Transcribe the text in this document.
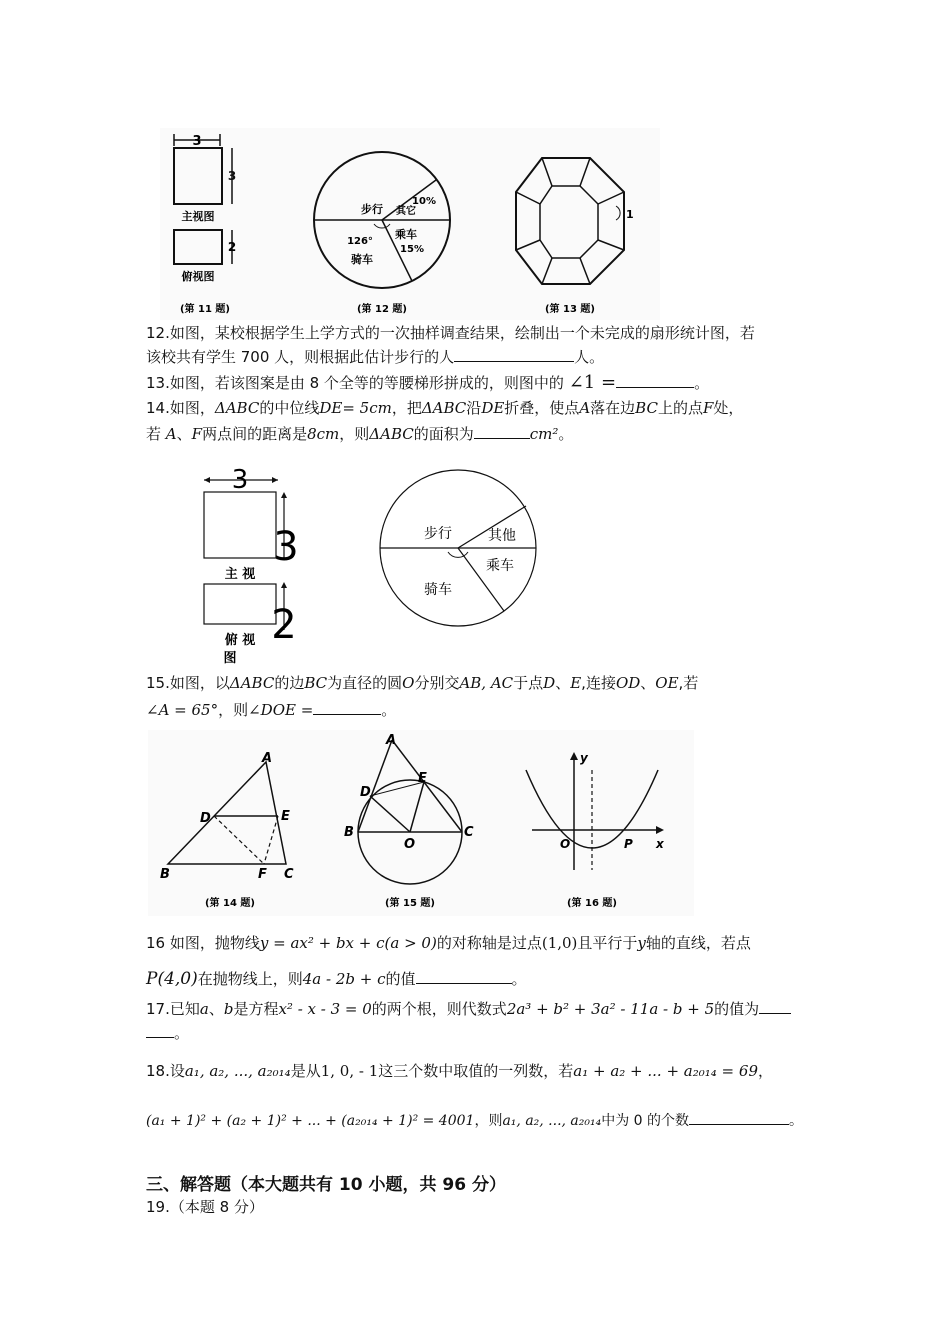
3
3
主视图
2
俯视图
(第 11 题)
步行 其它
10%
乘车
15%
126°
骑车
(第 12 题)
1
(第 13 题)
12.如图，某校根据学生上学方式的一次抽样调查结果，绘制出一个未完成的扇形统计图，若
该校共有学生 700 人，则根据此估计步行的人	人。
13.如图，若该图案是由 8 个全等的等腰梯形拼成的，则图中的 ∠1 =	。
14.如图，ΔABC的中位线DE= 5cm，把ΔABC沿DE折叠，使点A落在边BC上的点F处，
若 A、F两点间的距离是8cm，则ΔABC的面积为	cm²。
3
3
主 视
2
俯 视
图
步行	其他
乘车
骑车
15.如图，以ΔABC的边BC为直径的圆O分别交AB, AC于点D、E,连接OD、OE,若
∠A = 65°，则∠DOE =	。
A
D	E
B	F C
(第 14 题)
A
D
E
B
O
C
(第 15 题)
y
x
O	P
(第 16 题)
16 如图，抛物线y = ax² + bx + c(a > 0)的对称轴是过点(1,0)且平行于y轴的直线，若点
P(4,0)在抛物线上，则4a - 2b + c的值	。
17.已知a、b是方程x² - x - 3 = 0的两个根，则代数式2a³ + b² + 3a² - 11a - b + 5的值为
。
18.设a₁, a₂, ..., a₂₀₁₄是从1, 0, - 1这三个数中取值的一列数，若a₁ + a₂ + ... + a₂₀₁₄ = 69，
(a₁ + 1)² + (a₂ + 1)² + ... + (a₂₀₁₄ + 1)² = 4001，则a₁, a₂, ..., a₂₀₁₄中为 0 的个数	。
三、解答题（本大题共有 10 小题，共 96 分）
19.（本题 8 分）
